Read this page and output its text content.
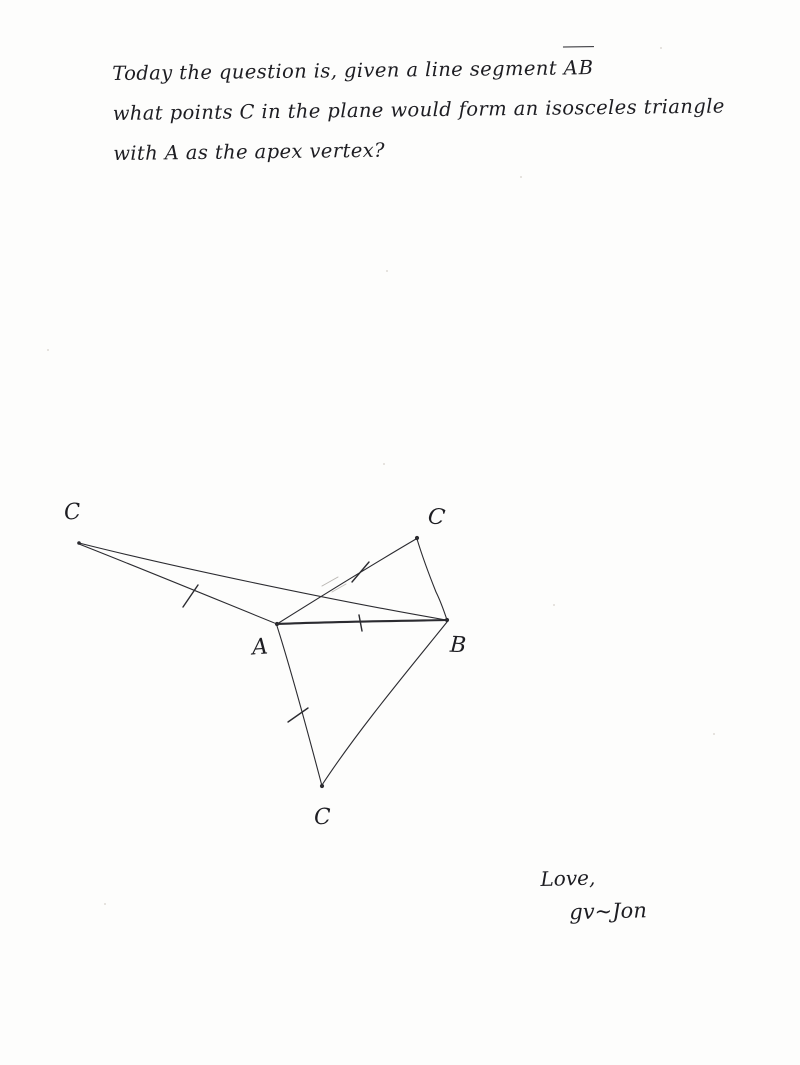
Today the question is, given a line segment AB
what points C in the plane would form an isosceles triangle
with A as the apex vertex?
C	C
C
A	B
Love,
gv~Jon
